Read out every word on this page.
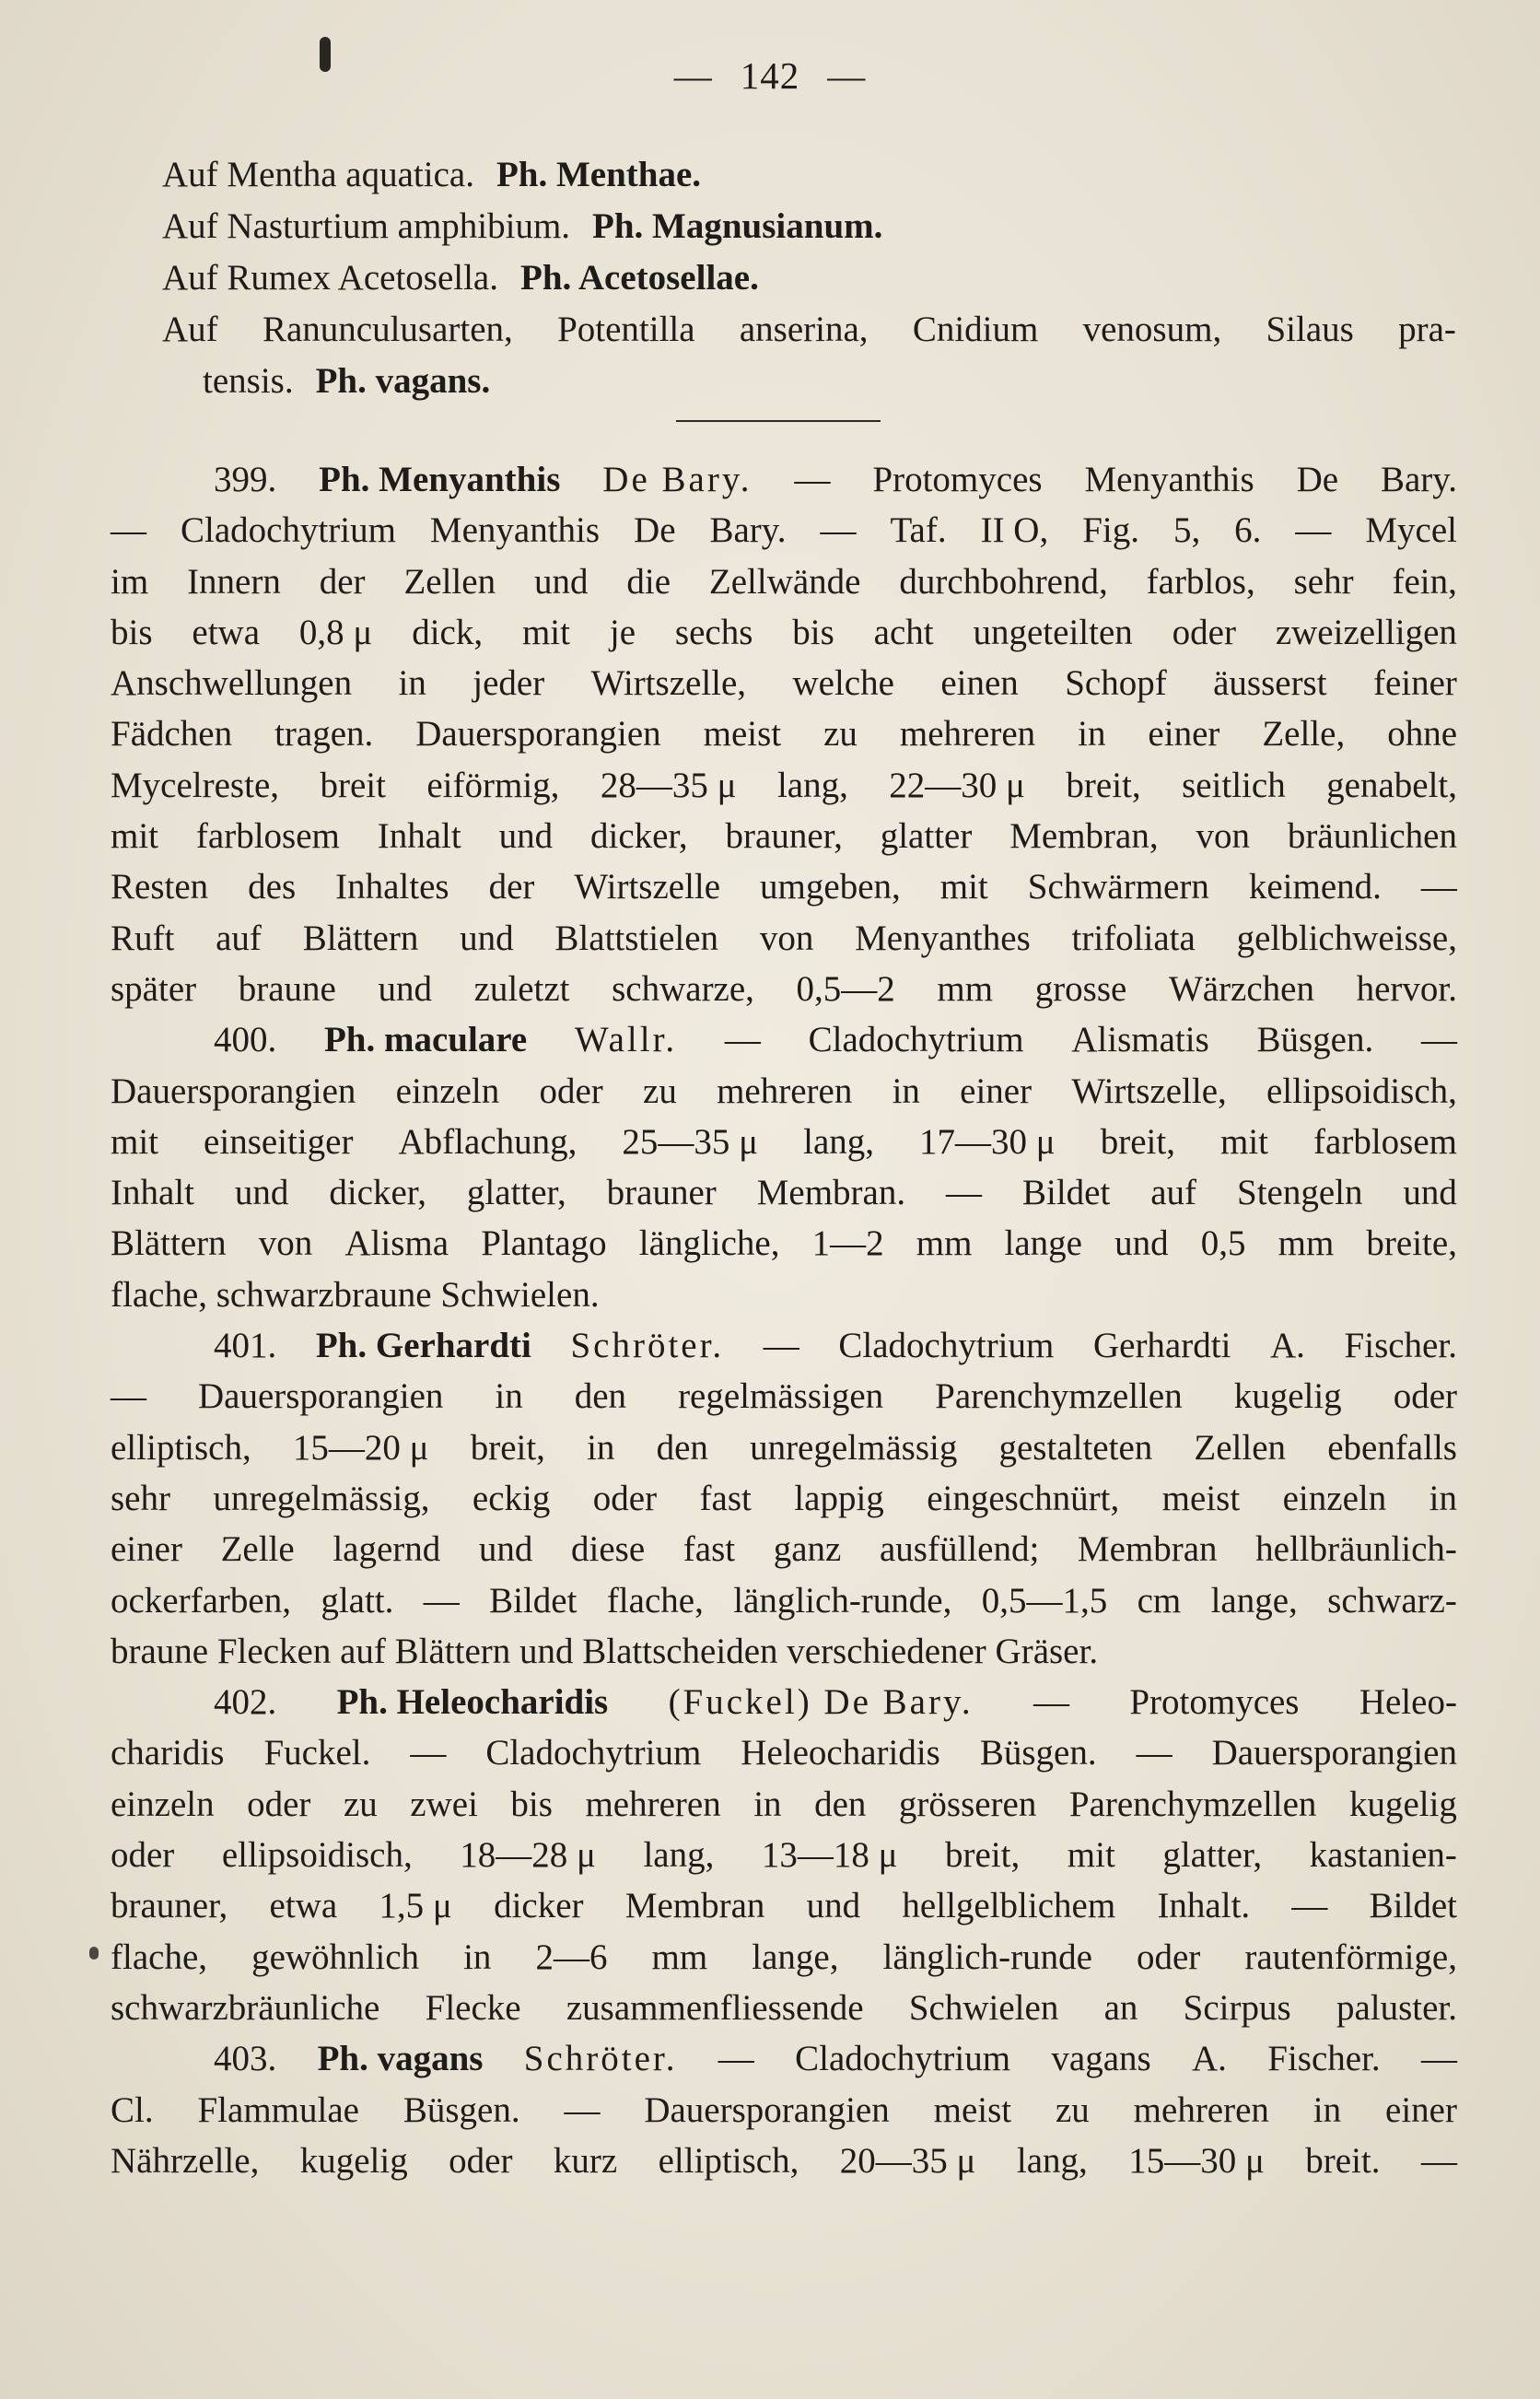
— 142 —
Auf Mentha aquatica. Ph. Menthae.
Auf Nasturtium amphibium. Ph. Magnusianum.
Auf Rumex Acetosella. Ph. Acetosellae.
Auf Ranunculusarten, Potentilla anserina, Cnidium venosum, Silaus pra-
tensis. Ph. vagans.
399. Ph. Menyanthis De Bary. — Protomyces Menyanthis De Bary.
— Cladochytrium Menyanthis De Bary. — Taf. II O, Fig. 5, 6. — Mycel
im Innern der Zellen und die Zellwände durchbohrend, farblos, sehr fein,
bis etwa 0,8 μ dick, mit je sechs bis acht ungeteilten oder zweizelligen
Anschwellungen in jeder Wirtszelle, welche einen Schopf äusserst feiner
Fädchen tragen. Dauersporangien meist zu mehreren in einer Zelle, ohne
Mycelreste, breit eiförmig, 28—35 μ lang, 22—30 μ breit, seitlich genabelt,
mit farblosem Inhalt und dicker, brauner, glatter Membran, von bräunlichen
Resten des Inhaltes der Wirtszelle umgeben, mit Schwärmern keimend. —
Ruft auf Blättern und Blattstielen von Menyanthes trifoliata gelblichweisse,
später braune und zuletzt schwarze, 0,5—2 mm grosse Wärzchen hervor.
400. Ph. maculare Wallr. — Cladochytrium Alismatis Büsgen. —
Dauersporangien einzeln oder zu mehreren in einer Wirtszelle, ellipsoidisch,
mit einseitiger Abflachung, 25—35 μ lang, 17—30 μ breit, mit farblosem
Inhalt und dicker, glatter, brauner Membran. — Bildet auf Stengeln und
Blättern von Alisma Plantago längliche, 1—2 mm lange und 0,5 mm breite,
flache, schwarzbraune Schwielen.
401. Ph. Gerhardti Schröter. — Cladochytrium Gerhardti A. Fischer.
— Dauersporangien in den regelmässigen Parenchymzellen kugelig oder
elliptisch, 15—20 μ breit, in den unregelmässig gestalteten Zellen ebenfalls
sehr unregelmässig, eckig oder fast lappig eingeschnürt, meist einzeln in
einer Zelle lagernd und diese fast ganz ausfüllend; Membran hellbräunlich-
ockerfarben, glatt. — Bildet flache, länglich-runde, 0,5—1,5 cm lange, schwarz-
braune Flecken auf Blättern und Blattscheiden verschiedener Gräser.
402. Ph. Heleocharidis (Fuckel) De Bary. — Protomyces Heleo-
charidis Fuckel. — Cladochytrium Heleocharidis Büsgen. — Dauersporangien
einzeln oder zu zwei bis mehreren in den grösseren Parenchymzellen kugelig
oder ellipsoidisch, 18—28 μ lang, 13—18 μ breit, mit glatter, kastanien-
brauner, etwa 1,5 μ dicker Membran und hellgelblichem Inhalt. — Bildet
flache, gewöhnlich in 2—6 mm lange, länglich-runde oder rautenförmige,
schwarzbräunliche Flecke zusammenfliessende Schwielen an Scirpus paluster.
403. Ph. vagans Schröter. — Cladochytrium vagans A. Fischer. —
Cl. Flammulae Büsgen. — Dauersporangien meist zu mehreren in einer
Nährzelle, kugelig oder kurz elliptisch, 20—35 μ lang, 15—30 μ breit. —
